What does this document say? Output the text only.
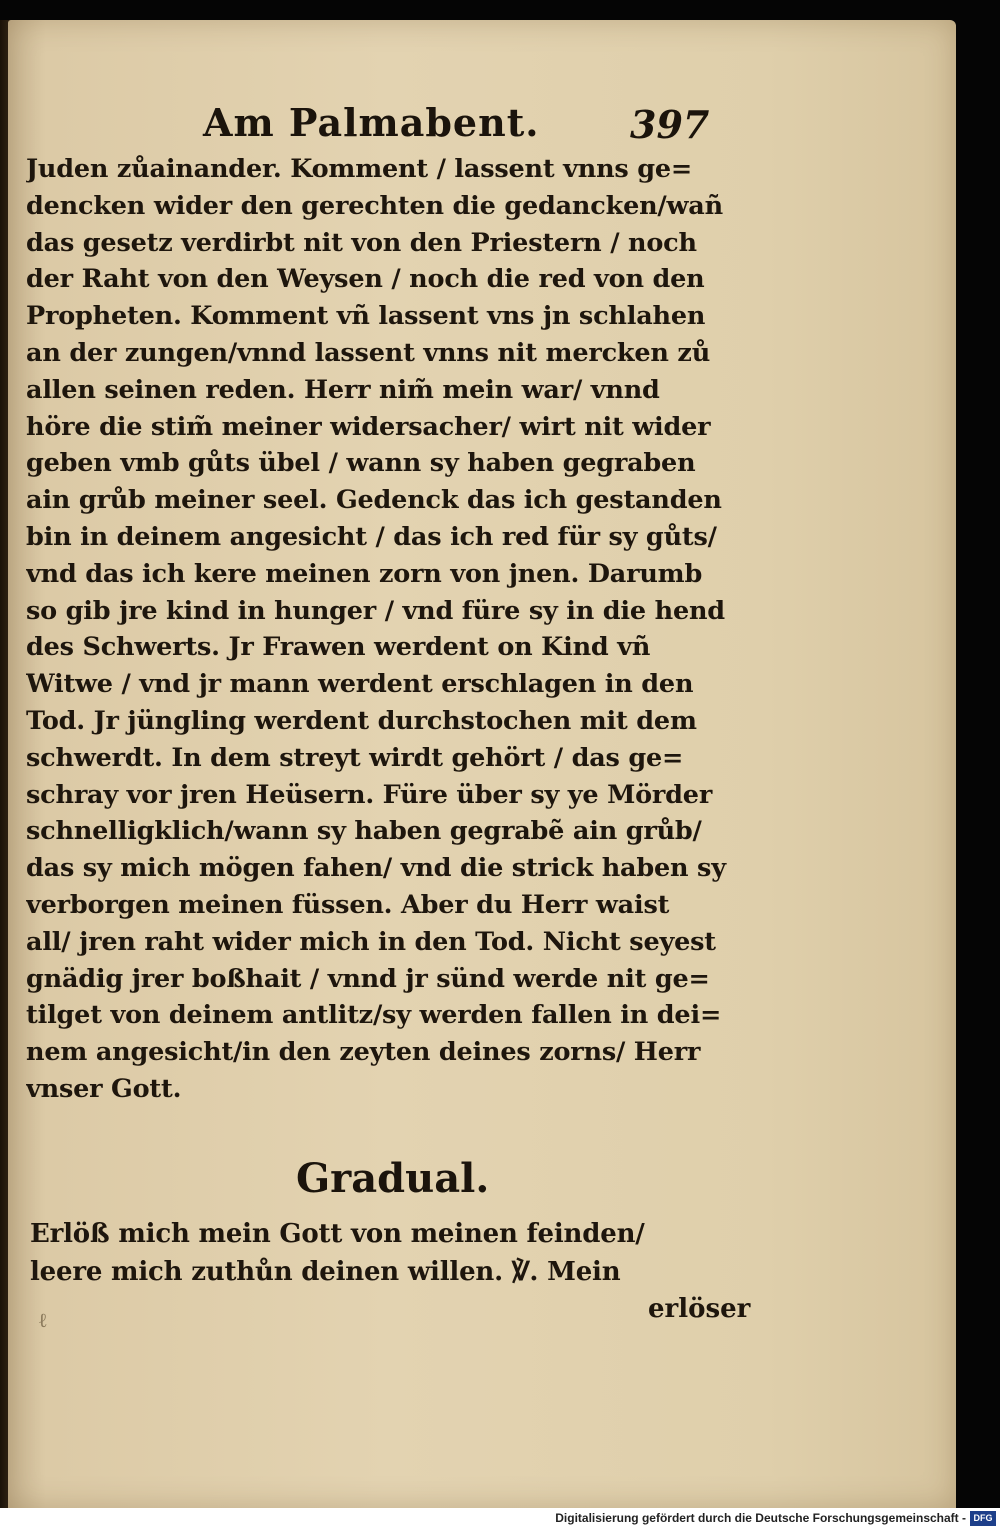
Am Palmabent. 397
Juden zůainander. Komment / lassent vnns ge=
dencken wider den gerechten die gedancken/wañ
das gesetz verdirbt nit von den Priestern / noch
der Raht von den Weysen / noch die red von den
Propheten. Komment vñ lassent vns jn schlahen
an der zungen/vnnd lassent vnns nit mercken zů
allen seinen reden. Herr nim̃ mein war/ vnnd
höre die stim̃ meiner widersacher/ wirt nit wider
geben vmb gůts übel / wann sy haben gegraben
ain grůb meiner seel. Gedenck das ich gestanden
bin in deinem angesicht / das ich red für sy gůts/
vnd das ich kere meinen zorn von jnen. Darumb
so gib jre kind in hunger / vnd füre sy in die hend
des Schwerts. Jr Frawen werdent on Kind vñ
Witwe / vnd jr mann werdent erschlagen in den
Tod. Jr jüngling werdent durchstochen mit dem
schwerdt. In dem streyt wirdt gehört / das ge=
schray vor jren Heüsern. Füre über sy ye Mörder
schnelligklich/wann sy haben gegrabẽ ain grůb/
das sy mich mögen fahen/ vnd die strick haben sy
verborgen meinen füssen. Aber du Herr waist
all/ jren raht wider mich in den Tod. Nicht seyest
gnädig jrer boßhait / vnnd jr sünd werde nit ge=
tilget von deinem antlitz/sy werden fallen in dei=
nem angesicht/in den zeyten deines zorns/ Herr
vnser Gott.
Gradual.
Erlöß mich mein Gott von meinen feinden/
leere mich zuthůn deinen willen. ℣. Mein
erlöser
ℓ
Digitalisierung gefördert durch die Deutsche Forschungsgemeinschaft - DFG
